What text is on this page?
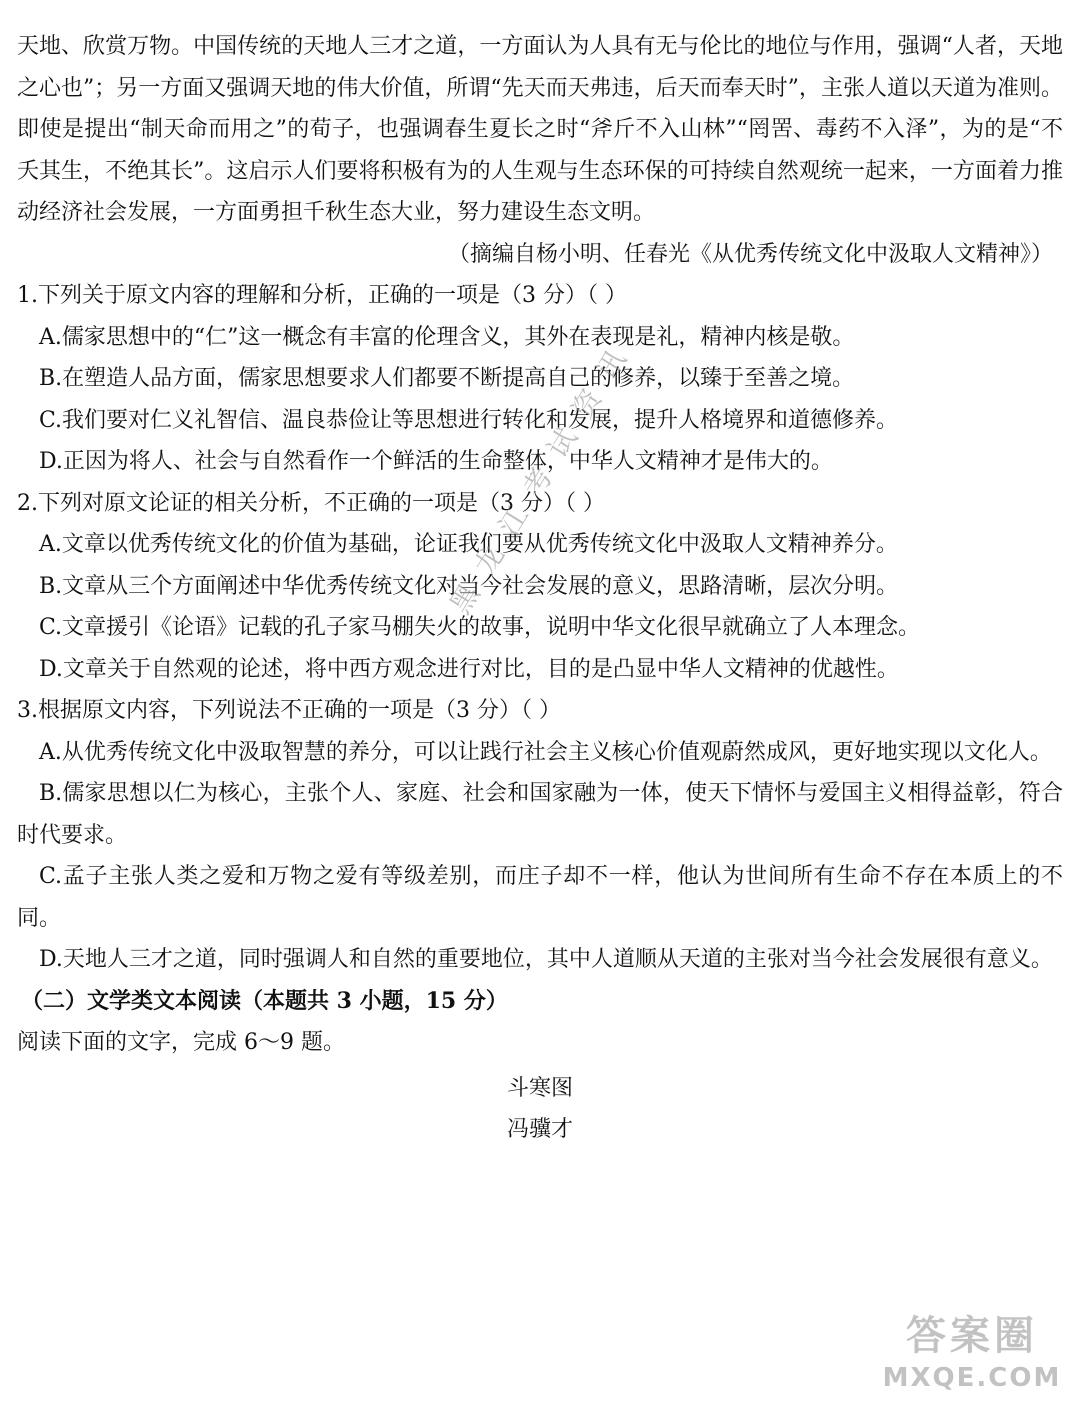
天地、欣赏万物。中国传统的天地人三才之道，一方面认为人具有无与伦比的地位与作用，强调“人者，天地之心也”；另一方面又强调天地的伟大价值，所谓“先天而天弗违，后天而奉天时”，主张人道以天道为准则。即使是提出“制天命而用之”的荀子，也强调春生夏长之时“斧斤不入山林”“罔罟、毒药不入泽”，为的是“不夭其生，不绝其长”。这启示人们要将积极有为的人生观与生态环保的可持续自然观统一起来，一方面着力推动经济社会发展，一方面勇担千秋生态大业，努力建设生态文明。

（摘编自杨小明、任春光《从优秀传统文化中汲取人文精神》）

1.下列关于原文内容的理解和分析，正确的一项是（3 分）（ ）

A.儒家思想中的“仁”这一概念有丰富的伦理含义，其外在表现是礼，精神内核是敬。

B.在塑造人品方面，儒家思想要求人们都要不断提高自己的修养，以臻于至善之境。

C.我们要对仁义礼智信、温良恭俭让等思想进行转化和发展，提升人格境界和道德修养。

D.正因为将人、社会与自然看作一个鲜活的生命整体，中华人文精神才是伟大的。

2.下列对原文论证的相关分析，不正确的一项是（3 分）（ ）

A.文章以优秀传统文化的价值为基础，论证我们要从优秀传统文化中汲取人文精神养分。

B.文章从三个方面阐述中华优秀传统文化对当今社会发展的意义，思路清晰，层次分明。

C.文章援引《论语》记载的孔子家马棚失火的故事，说明中华文化很早就确立了人本理念。

D.文章关于自然观的论述，将中西方观念进行对比，目的是凸显中华人文精神的优越性。

3.根据原文内容，下列说法不正确的一项是（3 分）（ ）

A.从优秀传统文化中汲取智慧的养分，可以让践行社会主义核心价值观蔚然成风，更好地实现以文化人。

B.儒家思想以仁为核心，主张个人、家庭、社会和国家融为一体，使天下情怀与爱国主义相得益彰，符合时代要求。

C.孟子主张人类之爱和万物之爱有等级差别，而庄子却不一样，他认为世间所有生命不存在本质上的不同。

D.天地人三才之道，同时强调人和自然的重要地位，其中人道顺从天道的主张对当今社会发展很有意义。

（二）文学类文本阅读（本题共 3 小题，15 分）

阅读下面的文字，完成 6～9 题。

斗寒图

冯骥才

黑龙江考试资讯
答案圈
MXQE.COM
